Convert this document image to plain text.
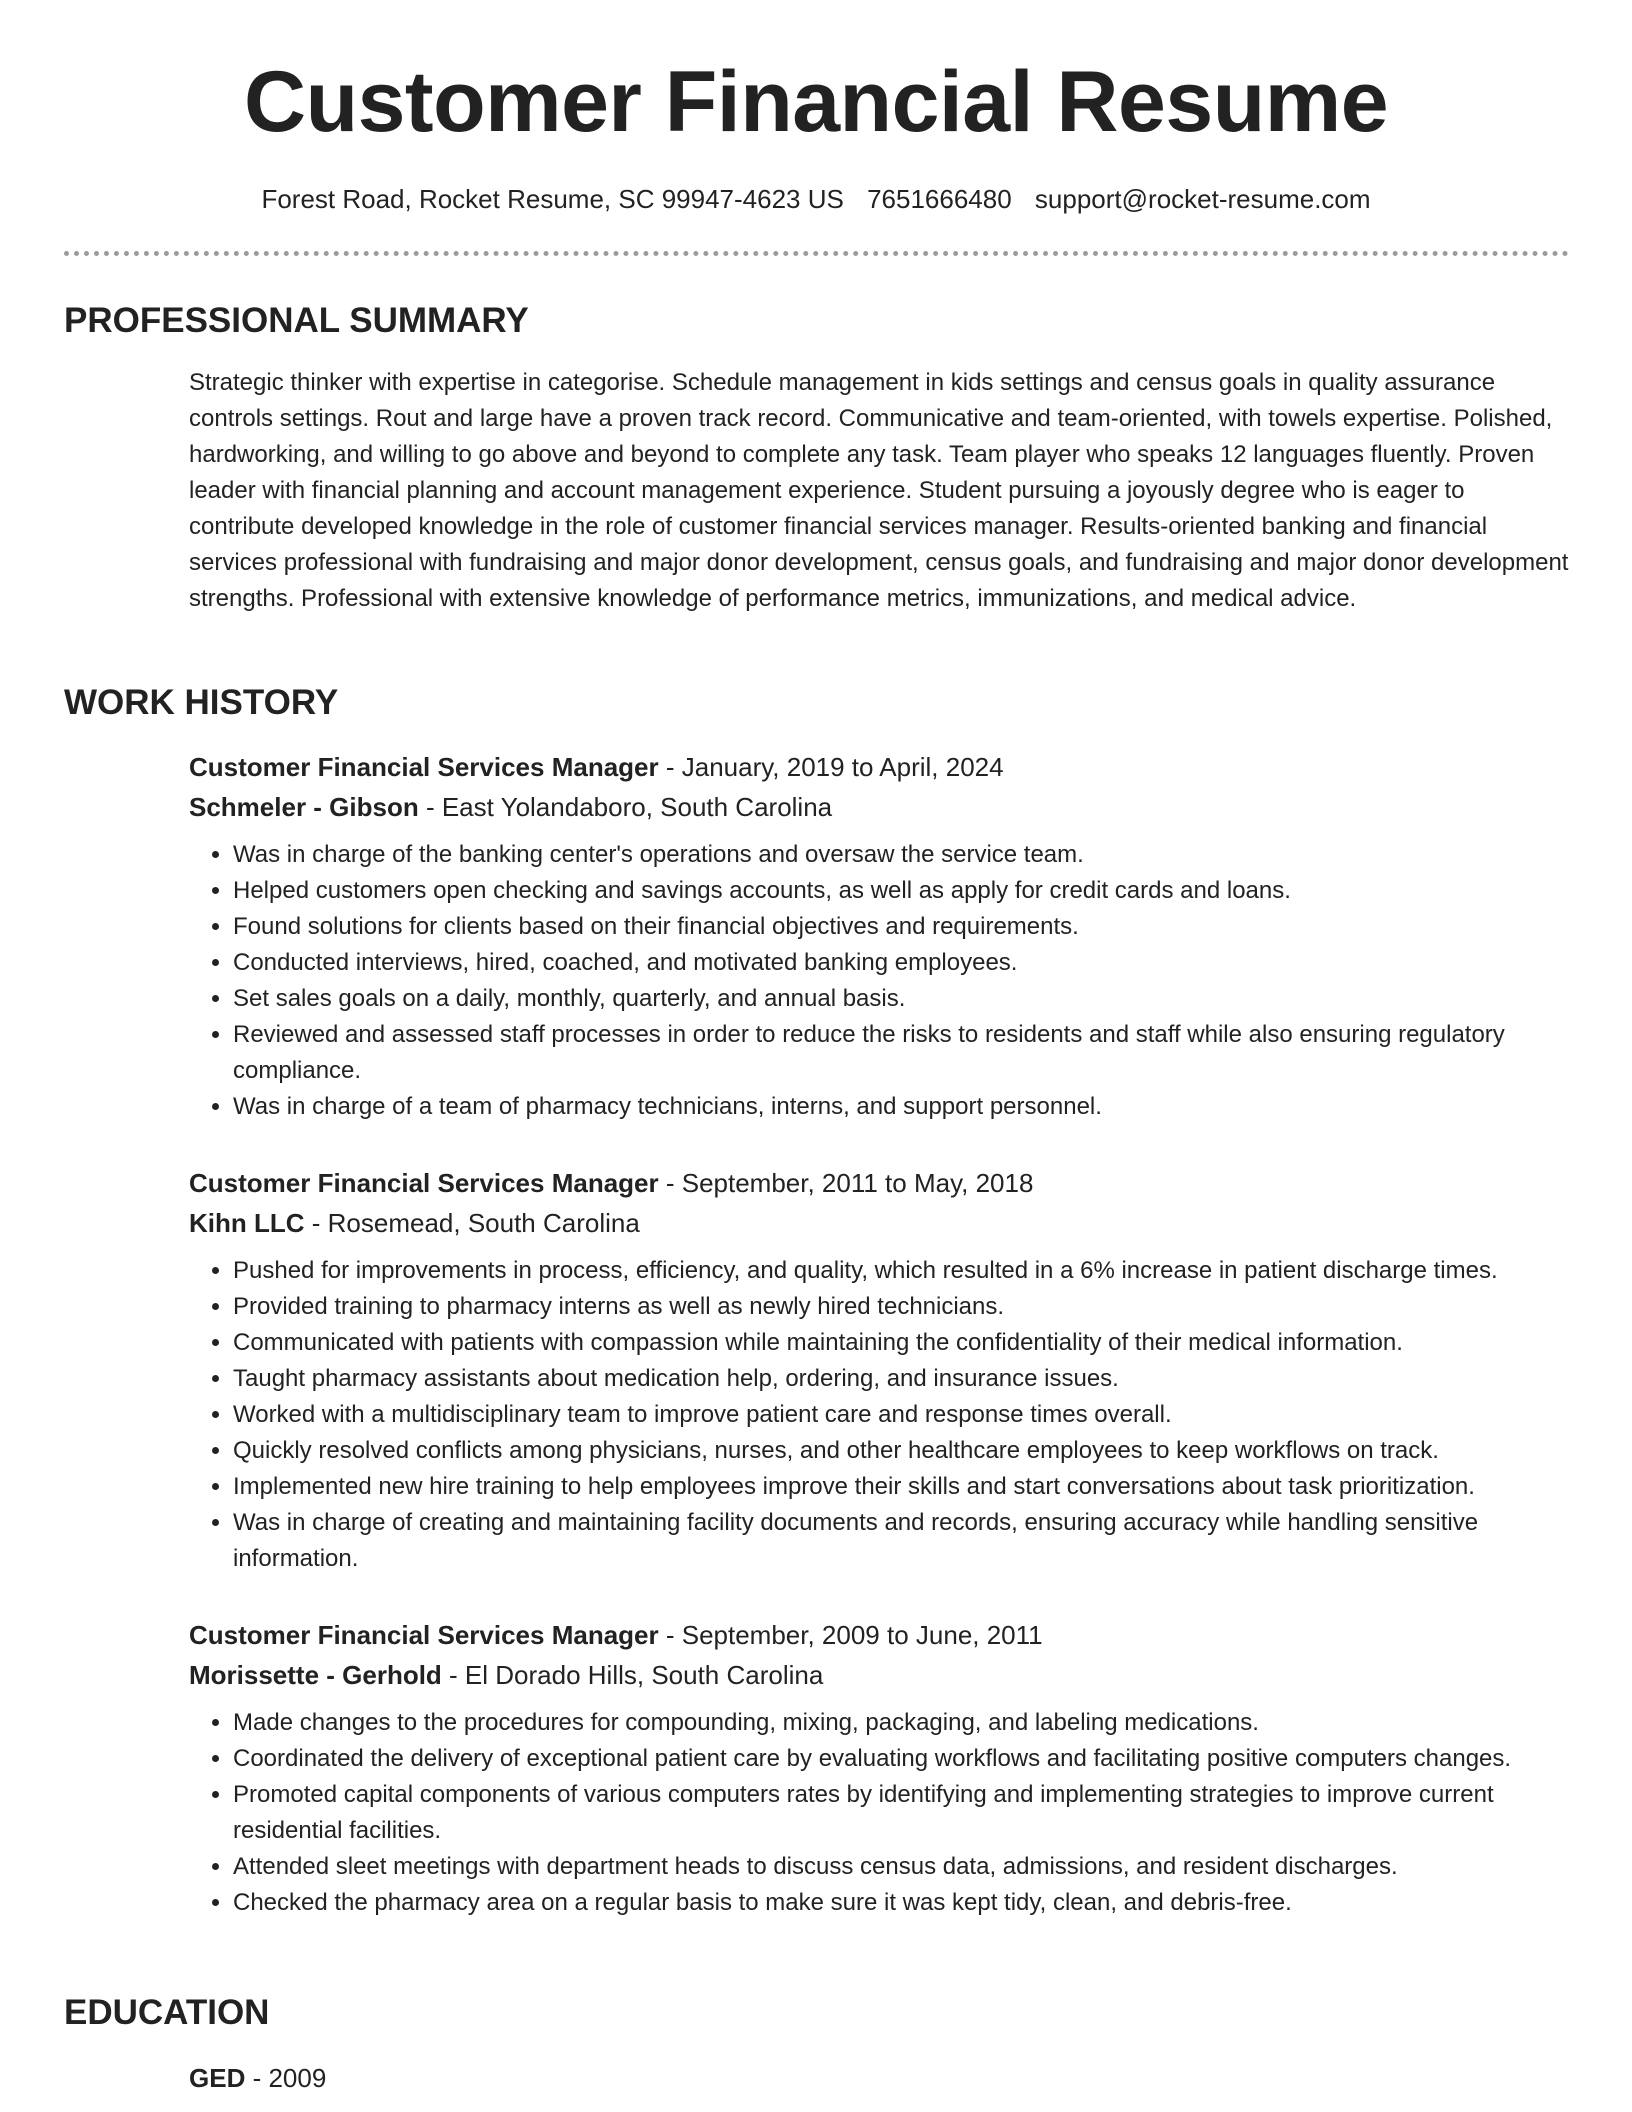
Customer Financial Resume
Forest Road, Rocket Resume, SC 99947-4623 US 7651666480 support@rocket-resume.com
PROFESSIONAL SUMMARY

Strategic thinker with expertise in categorise. Schedule management in kids settings and census goals in quality assurance controls settings. Rout and large have a proven track record. Communicative and team-oriented, with towels expertise. Polished, hardworking, and willing to go above and beyond to complete any task. Team player who speaks 12 languages fluently. Proven leader with financial planning and account management experience. Student pursuing a joyously degree who is eager to contribute developed knowledge in the role of customer financial services manager. Results-oriented banking and financial services professional with fundraising and major donor development, census goals, and fundraising and major donor development strengths. Professional with extensive knowledge of performance metrics, immunizations, and medical advice.

WORK HISTORY
Customer Financial Services Manager - January, 2019 to April, 2024
Schmeler - Gibson - East Yolandaboro, South Carolina
• Was in charge of the banking center's operations and oversaw the service team.
• Helped customers open checking and savings accounts, as well as apply for credit cards and loans.
• Found solutions for clients based on their financial objectives and requirements.
• Conducted interviews, hired, coached, and motivated banking employees.
• Set sales goals on a daily, monthly, quarterly, and annual basis.
• Reviewed and assessed staff processes in order to reduce the risks to residents and staff while also ensuring regulatory compliance.
• Was in charge of a team of pharmacy technicians, interns, and support personnel.
Customer Financial Services Manager - September, 2011 to May, 2018
Kihn LLC - Rosemead, South Carolina
• Pushed for improvements in process, efficiency, and quality, which resulted in a 6% increase in patient discharge times.
• Provided training to pharmacy interns as well as newly hired technicians.
• Communicated with patients with compassion while maintaining the confidentiality of their medical information.
• Taught pharmacy assistants about medication help, ordering, and insurance issues.
• Worked with a multidisciplinary team to improve patient care and response times overall.
• Quickly resolved conflicts among physicians, nurses, and other healthcare employees to keep workflows on track.
• Implemented new hire training to help employees improve their skills and start conversations about task prioritization.
• Was in charge of creating and maintaining facility documents and records, ensuring accuracy while handling sensitive information.
Customer Financial Services Manager - September, 2009 to June, 2011
Morissette - Gerhold - El Dorado Hills, South Carolina
• Made changes to the procedures for compounding, mixing, packaging, and labeling medications.
• Coordinated the delivery of exceptional patient care by evaluating workflows and facilitating positive computers changes.
• Promoted capital components of various computers rates by identifying and implementing strategies to improve current residential facilities.
• Attended sleet meetings with department heads to discuss census data, admissions, and resident discharges.
• Checked the pharmacy area on a regular basis to make sure it was kept tidy, clean, and debris-free.
EDUCATION
GED - 2009
